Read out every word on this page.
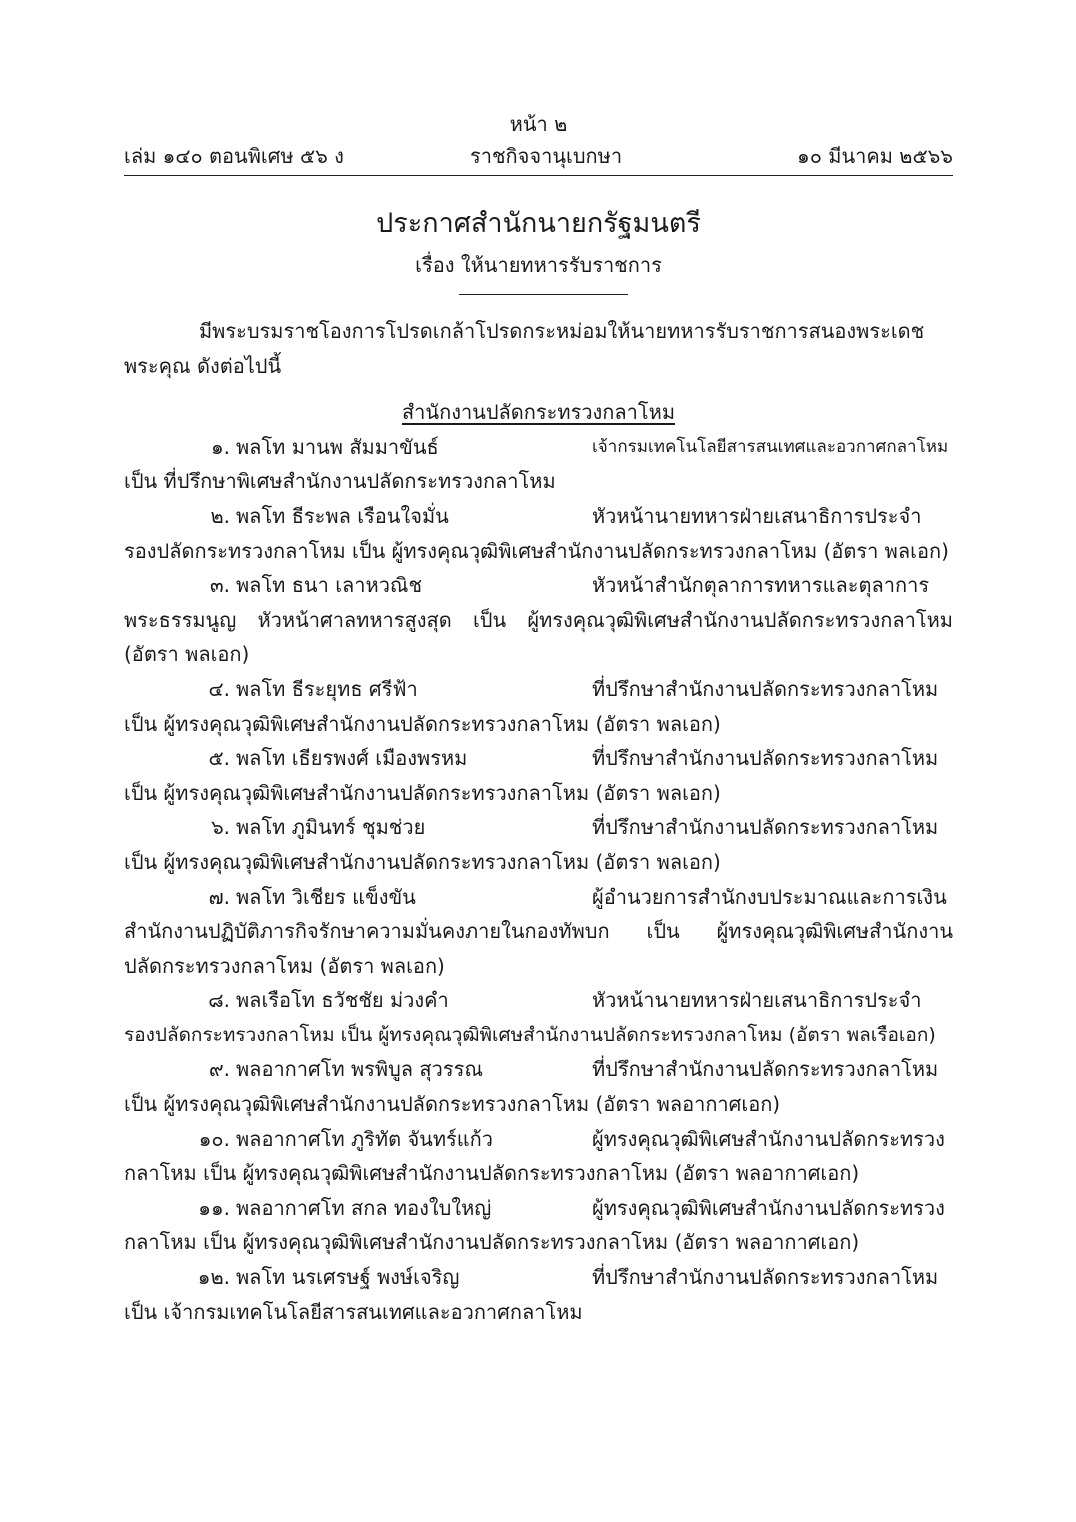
หน้า ๒
เล่ม ๑๔๐ ตอนพิเศษ ๕๖ ง	ราชกิจจานุเบกษา	๑๐ มีนาคม ๒๕๖๖
ประกาศสำนักนายกรัฐมนตรี
เรื่อง ให้นายทหารรับราชการ
มีพระบรมราชโองการโปรดเกล้าโปรดกระหม่อมให้นายทหารรับราชการสนองพระเดชพระคุณ ดังต่อไปนี้
สำนักงานปลัดกระทรวงกลาโหม
๑. พลโท มานพ สัมมาขันธ์	เจ้ากรมเทคโนโลยีสารสนเทศและอวกาศกลาโหม
เป็น ที่ปรึกษาพิเศษสำนักงานปลัดกระทรวงกลาโหม
๒. พลโท ธีระพล เรือนใจมั่น	หัวหน้านายทหารฝ่ายเสนาธิการประจำ
รองปลัดกระทรวงกลาโหม เป็น ผู้ทรงคุณวุฒิพิเศษสำนักงานปลัดกระทรวงกลาโหม (อัตรา พลเอก)
๓. พลโท ธนา เลาหวณิช	หัวหน้าสำนักตุลาการทหารและตุลาการ
พระธรรมนูญ หัวหน้าศาลทหารสูงสุด เป็น ผู้ทรงคุณวุฒิพิเศษสำนักงานปลัดกระทรวงกลาโหม
(อัตรา พลเอก)
๔. พลโท ธีระยุทธ ศรีฟ้า	ที่ปรึกษาสำนักงานปลัดกระทรวงกลาโหม
เป็น ผู้ทรงคุณวุฒิพิเศษสำนักงานปลัดกระทรวงกลาโหม (อัตรา พลเอก)
๕. พลโท เธียรพงศ์ เมืองพรหม	ที่ปรึกษาสำนักงานปลัดกระทรวงกลาโหม
เป็น ผู้ทรงคุณวุฒิพิเศษสำนักงานปลัดกระทรวงกลาโหม (อัตรา พลเอก)
๖. พลโท ภูมินทร์ ชุมช่วย	ที่ปรึกษาสำนักงานปลัดกระทรวงกลาโหม
เป็น ผู้ทรงคุณวุฒิพิเศษสำนักงานปลัดกระทรวงกลาโหม (อัตรา พลเอก)
๗. พลโท วิเชียร แข็งขัน	ผู้อำนวยการสำนักงบประมาณและการเงิน
สำนักงานปฏิบัติภารกิจรักษาความมั่นคงภายในกองทัพบก เป็น ผู้ทรงคุณวุฒิพิเศษสำนักงาน
ปลัดกระทรวงกลาโหม (อัตรา พลเอก)
๘. พลเรือโท ธวัชชัย ม่วงคำ	หัวหน้านายทหารฝ่ายเสนาธิการประจำ
รองปลัดกระทรวงกลาโหม เป็น ผู้ทรงคุณวุฒิพิเศษสำนักงานปลัดกระทรวงกลาโหม (อัตรา พลเรือเอก)
๙. พลอากาศโท พรพิบูล สุวรรณ	ที่ปรึกษาสำนักงานปลัดกระทรวงกลาโหม
เป็น ผู้ทรงคุณวุฒิพิเศษสำนักงานปลัดกระทรวงกลาโหม (อัตรา พลอากาศเอก)
๑๐. พลอากาศโท ภูริทัต จันทร์แก้ว	ผู้ทรงคุณวุฒิพิเศษสำนักงานปลัดกระทรวง
กลาโหม เป็น ผู้ทรงคุณวุฒิพิเศษสำนักงานปลัดกระทรวงกลาโหม (อัตรา พลอากาศเอก)
๑๑. พลอากาศโท สกล ทองใบใหญ่	ผู้ทรงคุณวุฒิพิเศษสำนักงานปลัดกระทรวง
กลาโหม เป็น ผู้ทรงคุณวุฒิพิเศษสำนักงานปลัดกระทรวงกลาโหม (อัตรา พลอากาศเอก)
๑๒. พลโท นรเศรษฐ์ พงษ์เจริญ	ที่ปรึกษาสำนักงานปลัดกระทรวงกลาโหม
เป็น เจ้ากรมเทคโนโลยีสารสนเทศและอวกาศกลาโหม
